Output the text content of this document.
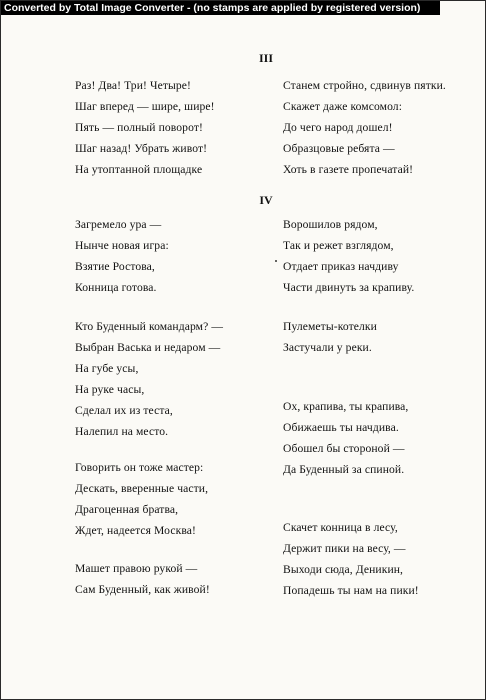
Converted by Total Image Converter - (no stamps are applied by registered version)
III
Раз! Два! Три! Четыре!
Шаг вперед — шире, шире!
Пять — полный поворот!
Шаг назад! Убрать живот!
На утоптанной площадке
Станем стройно, сдвинув пятки.
Скажет даже комсомол:
До чего народ дошел!
Образцовые ребята —
Хоть в газете пропечатай!
IV
Загремело ура —
Нынче новая игра:
Взятие Ростова,
Конница готова.
Ворошилов рядом,
Так и режет взглядом,
Отдает приказ начдиву
Части двинуть за крапиву.
Кто Буденный командарм? —
Выбран Васька и недаром —
На губе усы,
На руке часы,
Сделал их из теста,
Налепил на место.
Пулеметы-котелки
Застучали у реки.
Ох, крапива, ты крапива,
Обижаешь ты начдива.
Обошел бы стороной —
Да Буденный за спиной.
Говорить он тоже мастер:
Дескать, вверенные части,
Драгоценная братва,
Ждет, надеется Москва!	Скачет конница в лесу,
Держит пики на весу, —
Выходи сюда, Деникин,
Попадешь ты нам на пики!
Машет правою рукой —
Сам Буденный, как живой!
